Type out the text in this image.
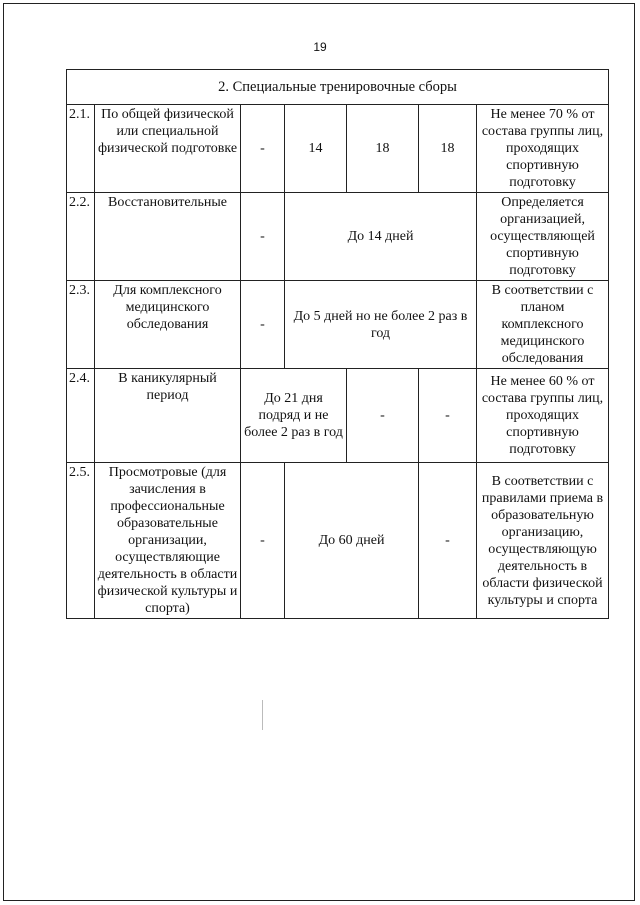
19
2. Специальные тренировочные сборы						
2.1.	По общей физической или специальной физической подготовке	-	14	18	18	Не менее 70 % от состава группы лиц, проходящих спортивную подготовку
2.2.	Восстановительные	-	До 14 дней			Определяется организацией, осуществляющей спортивную подготовку
2.3.	Для комплексного медицинского обследования	-	До 5 дней но не более 2 раз в год			В соответствии с планом комплексного медицинского обследования
2.4.	В каникулярный период	До 21 дня подряд и не более 2 раз в год		-	-	Не менее 60 % от состава группы лиц, проходящих спортивную подготовку
2.5.	Просмотровые (для зачисления в профессиональные образовательные организации, осуществляющие деятельность в области физической культуры и спорта)	-	До 60 дней		-	В соответствии с правилами приема в образовательную организацию, осуществляющую деятельность в области физической культуры и спорта
